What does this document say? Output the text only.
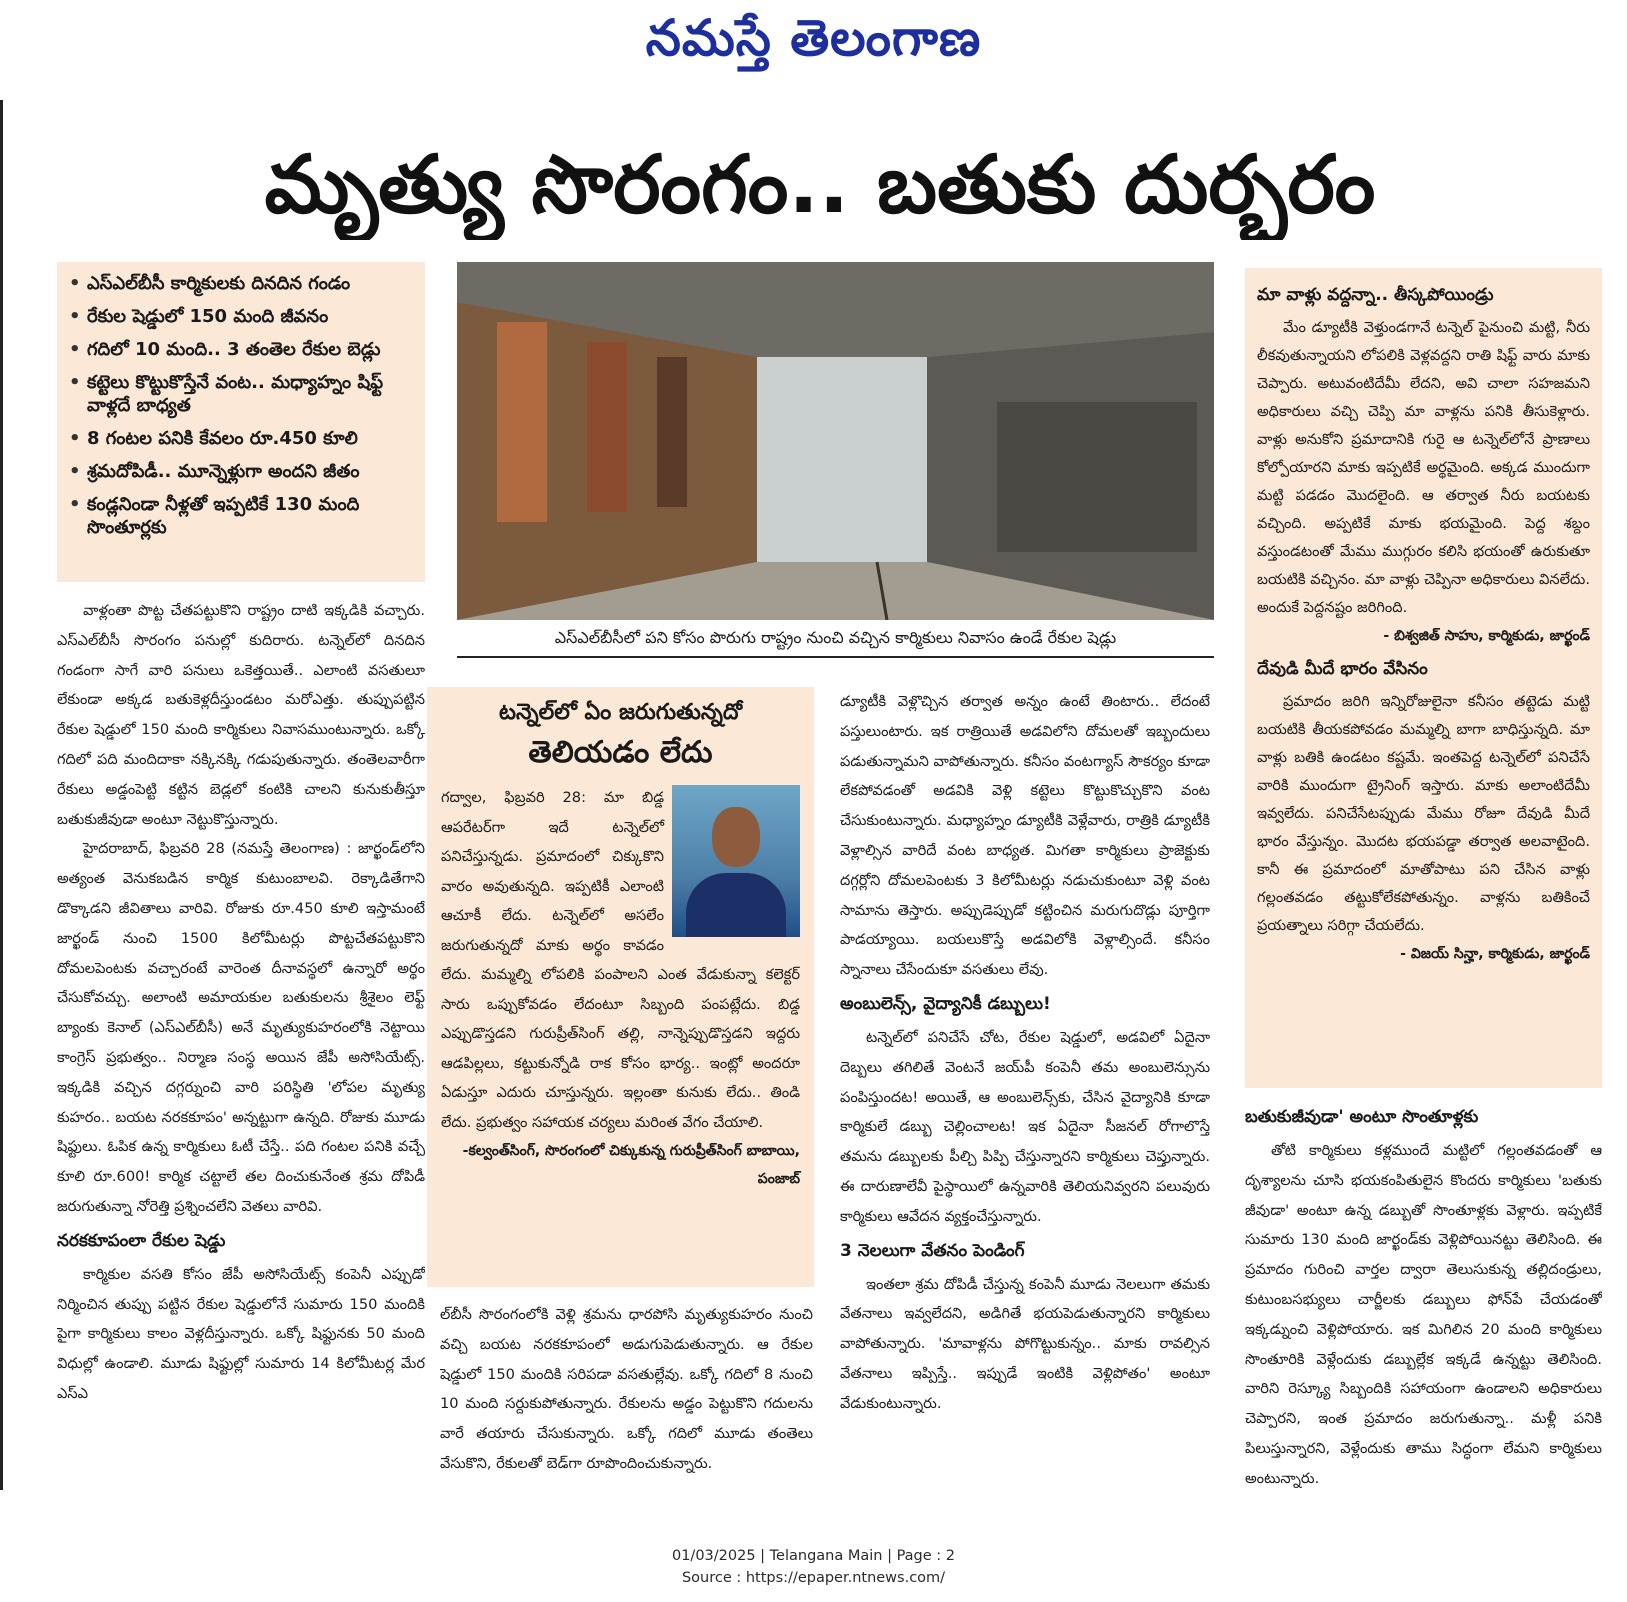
నమస్తే తెలంగాణ
మృత్యు సొరంగం.. బతుకు దుర్భరం
• ఎస్‌ఎల్‌బీసీ కార్మికులకు దినదిన గండం
• రేకుల షెడ్డులో 150 మంది జీవనం
• గదిలో 10 మంది.. 3 తంతెల రేకుల బెడ్లు
• కట్టెలు కొట్టుకొస్తేనే వంట.. మధ్యాహ్నం షిఫ్ట్‌ వాళ్లదే బాధ్యత
• 8 గంటల పనికి కేవలం రూ.450 కూలి
• శ్రమదోపిడీ.. మూన్నెళ్లుగా అందని జీతం
• కండ్లనిండా నీళ్లతో ఇప్పటికే 130 మంది సొంతూర్లకు
ఎస్‌ఎల్‌బీసీలో పని కోసం పొరుగు రాష్ట్రం నుంచి వచ్చిన కార్మికులు నివాసం ఉండే రేకుల షెడ్లు

వాళ్లంతా పొట్ట చేతపట్టుకొని రాష్ట్రం దాటి ఇక్కడికి వచ్చారు. ఎస్‌ఎల్‌బీసీ సొరంగం పనుల్లో కుదిరారు. టన్నెల్‌లో దినదిన గండంగా సాగే వారి పనులు ఒకెత్తయితే.. ఎలాంటి వసతులూ లేకుండా అక్కడ బతుకెళ్లదీస్తుండటం మరోఎత్తు. తుప్పుపట్టిన రేకుల షెడ్డులో 150 మంది కార్మికులు నివాసముంటున్నారు. ఒక్కో గదిలో పది మందిదాకా నక్కినక్కి గడుపుతున్నారు. తంతెలవారీగా రేకులు అడ్డంపెట్టి కట్టిన బెడ్లలో కంటికి చాలని కునుకుతీస్తూ బతుకుజీవుడా అంటూ నెట్టుకొస్తున్నారు.

హైదరాబాద్‌, ఫిబ్రవరి 28 (నమస్తే తెలంగాణ) : జార్ఖండ్‌లోని అత్యంత వెనుకబడిన కార్మిక కుటుంబాలవి. రెక్కాడితేగాని డొక్కాడని జీవితాలు వారివి. రోజుకు రూ.450 కూలి ఇస్తామంటే జార్ఖండ్‌ నుంచి 1500 కిలోమీటర్లు పొట్టచేతపట్టుకొని దోమలపెంటకు వచ్చారంటే వారెంత దీనావస్థలో ఉన్నారో అర్థం చేసుకోవచ్చు. అలాంటి అమాయకుల బతుకులను శ్రీశైలం లెఫ్ట్‌ బ్యాంకు కెనాల్‌ (ఎస్‌ఎల్‌బీసీ) అనే మృత్యుకుహరంలోకి నెట్టాయి కాంగ్రెస్‌ ప్రభుత్వం.. నిర్మాణ సంస్థ అయిన జేపీ అసోసియేట్స్‌. ఇక్కడికి వచ్చిన దగ్గర్నుంచి వారి పరిస్థితి 'లోపల మృత్యు కుహరం.. బయట నరకకూపం' అన్నట్టుగా ఉన్నది. రోజుకు మూడు షిఫ్టులు. ఓపిక ఉన్న కార్మికులు ఓటీ చేస్తే.. పది గంటల పనికి వచ్చే కూలి రూ.600! కార్మిక చట్టాలే తల దించుకునేంత శ్రమ దోపిడీ జరుగుతున్నా నోరెత్తి ప్రశ్నించలేని వెతలు వారివి.

నరకకూపంలా రేకుల షెడ్డు

కార్మికుల వసతి కోసం జేపీ అసోసియేట్స్‌ కంపెనీ ఎప్పుడో నిర్మించిన తుప్పు పట్టిన రేకుల షెడ్డులోనే సుమారు 150 మందికి పైగా కార్మికులు కాలం వెళ్లదీస్తున్నారు. ఒక్కో షిఫ్టునకు 50 మంది విధుల్లో ఉండాలి. మూడు షిఫ్టుల్లో సుమారు 14 కిలోమీటర్ల మేర ఎస్‌ఎ

టన్నెల్‌లో ఏం జరుగుతున్నదో
తెలియడం లేదు
గద్వాల, ఫిబ్రవరి 28: మా బిడ్డ ఆపరేటర్‌గా ఇదే టన్నెల్‌లో పనిచేస్తున్నడు. ప్రమాదంలో చిక్కుకొని వారం అవుతున్నది. ఇప్పటికీ ఎలాంటి ఆచూకీ లేదు. టన్నెల్‌లో అసలేం జరుగుతున్నదో మాకు అర్థం కావడం లేదు. మమ్మల్ని లోపలికి పంపాలని ఎంత వేడుకున్నా కలెక్టర్‌ సారు ఒప్పుకోవడం లేదంటూ సిబ్బంది పంపట్లేదు. బిడ్డ ఎప్పుడొస్తడని గురుప్రీత్‌సింగ్‌ తల్లి, నాన్నెప్పుడొస్తడని ఇద్దరు ఆడపిల్లలు, కట్టుకున్నోడి రాక కోసం భార్య.. ఇంట్లో అందరూ ఏడుస్తూ ఎదురు చూస్తున్నరు. ఇల్లంతా కునుకు లేదు.. తిండి లేదు. ప్రభుత్వం సహాయక చర్యలు మరింత వేగం చేయాలి.
-కల్వంత్‌సింగ్‌, సొరంగంలో చిక్కుకున్న గురుప్రీత్‌సింగ్‌ బాబాయి, పంజాబ్‌
ల్‌బీసీ సొరంగంలోకి వెళ్లి శ్రమను ధారపోసి మృత్యుకుహరం నుంచి వచ్చి బయట నరకకూపంలో అడుగుపెడుతున్నారు. ఆ రేకుల షెడ్డులో 150 మందికి సరిపడా వసతుల్లేవు. ఒక్కో గదిలో 8 నుంచి 10 మంది సర్దుకుపోతున్నారు. రేకులను అడ్డం పెట్టుకొని గదులను వారే తయారు చేసుకున్నారు. ఒక్కో గదిలో మూడు తంతెలు వేసుకొని, రేకులతో బెడ్‌గా రూపొందించుకున్నారు.

డ్యూటీకి వెళ్లొచ్చిన తర్వాత అన్నం ఉంటే తింటారు.. లేదంటే పస్తులుంటారు. ఇక రాత్రియితే అడవిలోని దోమలతో ఇబ్బందులు పడుతున్నామని వాపోతున్నారు. కనీసం వంటగ్యాస్‌ సౌకర్యం కూడా లేకపోవడంతో అడవికి వెళ్లి కట్టెలు కొట్టుకొచ్చుకొని వంట చేసుకుంటున్నారు. మధ్యాహ్నం డ్యూటీకి వెళ్లేవారు, రాత్రికి డ్యూటీకి వెళ్లాల్సిన వారిదే వంట బాధ్యత. మిగతా కార్మికులు ప్రాజెక్టుకు దగ్గర్లోని దోమలపెంటకు 3 కిలోమీటర్లు నడుచుకుంటూ వెళ్లి వంట సామాను తెస్తారు. అప్పుడెప్పుడో కట్టించిన మరుగుదొడ్లు పూర్తిగా పాడయ్యాయి. బయలుకొస్తే అడవిలోకి వెళ్లాల్సిందే. కనీసం స్నానాలు చేసేందుకూ వసతులు లేవు.

అంబులెన్స్‌, వైద్యానికీ డబ్బులు!

టన్నెల్‌లో పనిచేసే చోట, రేకుల షెడ్డులో, అడవిలో ఏదైనా దెబ్బలు తగిలితే వెంటనే జయ్‌పీ కంపెనీ తమ అంబులెన్సును పంపిస్తుందట! అయితే, ఆ అంబులెన్స్‌కు, చేసిన వైద్యానికి కూడా కార్మికులే డబ్బు చెల్లించాలట! ఇక ఏదైనా సీజనల్‌ రోగాలొస్తే తమను డబ్బులకు పీల్చి పిప్పి చేస్తున్నారని కార్మికులు చెప్తున్నారు. ఈ దారుణాలేవీ పైస్థాయిలో ఉన్నవారికి తెలియనివ్వరని పలువురు కార్మికులు ఆవేదన వ్యక్తంచేస్తున్నారు.

3 నెలలుగా వేతనం పెండింగ్‌

ఇంతలా శ్రమ దోపిడీ చేస్తున్న కంపెనీ మూడు నెలలుగా తమకు వేతనాలు ఇవ్వలేదని, అడిగితే భయపెడుతున్నారని కార్మికులు వాపోతున్నారు. 'మావాళ్లను పోగొట్టుకున్నం.. మాకు రావల్సిన వేతనాలు ఇప్పిస్తే.. ఇప్పుడే ఇంటికి వెళ్లిపోతం' అంటూ వేడుకుంటున్నారు.

మా వాళ్లు వద్దన్నా.. తీస్కపోయిండ్రు

మేం డ్యూటీకి వెళ్తుండగానే టన్నెల్‌ పైనుంచి మట్టి, నీరు లీకవుతున్నాయని లోపలికి వెళ్లవద్దని రాతి షిఫ్ట్‌ వారు మాకు చెప్పారు. అటువంటిదేమీ లేదని, అవి చాలా సహజమని అధికారులు వచ్చి చెప్పి మా వాళ్లను పనికి తీసుకెళ్లారు. వాళ్లు అనుకోని ప్రమాదానికి గురై ఆ టన్నెల్‌లోనే ప్రాణాలు కోల్పోయారని మాకు ఇప్పటికే అర్థమైంది. అక్కడ ముందుగా మట్టి పడడం మొదలైంది. ఆ తర్వాత నీరు బయటకు వచ్చింది. అప్పటికే మాకు భయమైంది. పెద్ద శబ్దం వస్తుండటంతో మేము ముగ్గురం కలిసి భయంతో ఉరుకుతూ బయటికి వచ్చినం. మా వాళ్లు చెప్పినా అధికారులు వినలేదు. అందుకే పెద్దనష్టం జరిగింది.

- బిశ్వజిత్‌ సాహు, కార్మికుడు, జార్ఖండ్‌
దేవుడి మీదే భారం వేసినం

ప్రమాదం జరిగి ఇన్నిరోజులైనా కనీసం తట్టెడు మట్టి బయటికి తీయకపోవడం మమ్మల్ని బాగా బాధిస్తున్నది. మా వాళ్లు బతికి ఉండటం కష్టమే. ఇంతపెద్ద టన్నెల్‌లో పనిచేసే వారికి ముందుగా ట్రైనింగ్‌ ఇస్తారు. మాకు అలాంటిదేమీ ఇవ్వలేదు. పనిచేసేటప్పుడు మేము రోజూ దేవుడి మీదే భారం వేస్తున్నం. మొదట భయపడ్డా తర్వాత అలవాటైంది. కానీ ఈ ప్రమాదంలో మాతోపాటు పని చేసిన వాళ్లు గల్లంతవడం తట్టుకోలేకపోతున్నం. వాళ్లను బతికించే ప్రయత్నాలు సరిగ్గా చేయలేదు.

- విజయ్‌ సిన్హా, కార్మికుడు, జార్ఖండ్‌
బతుకుజీవుడా' అంటూ సొంతూళ్లకు

తోటి కార్మికులు కళ్లముందే మట్టిలో గల్లంతవడంతో ఆ దృశ్యాలను చూసి భయకంపితులైన కొందరు కార్మికులు 'బతుకు జీవుడా' అంటూ ఉన్న డబ్బుతో సొంతూళ్లకు వెళ్లారు. ఇప్పటికే సుమారు 130 మంది జార్ఖండ్‌కు వెళ్లిపోయినట్టు తెలిసింది. ఈ ప్రమాదం గురించి వార్తల ద్వారా తెలుసుకున్న తల్లిదండ్రులు, కుటుంబసభ్యులు చార్జీలకు డబ్బులు ఫోన్‌పే చేయడంతో ఇక్కడ్నుంచి వెళ్లిపోయారు. ఇక మిగిలిన 20 మంది కార్మికులు సొంతూరికి వెళ్లేందుకు డబ్బుల్లేక ఇక్కడే ఉన్నట్టు తెలిసింది. వారిని రెస్క్యూ సిబ్బందికి సహాయంగా ఉండాలని అధికారులు చెప్పారని, ఇంత ప్రమాదం జరుగుతున్నా.. మళ్లీ పనికి పిలుస్తున్నారని, వెళ్లేందుకు తాము సిద్ధంగా లేమని కార్మికులు అంటున్నారు.

01/03/2025 | Telangana Main | Page : 2
Source : https://epaper.ntnews.com/
